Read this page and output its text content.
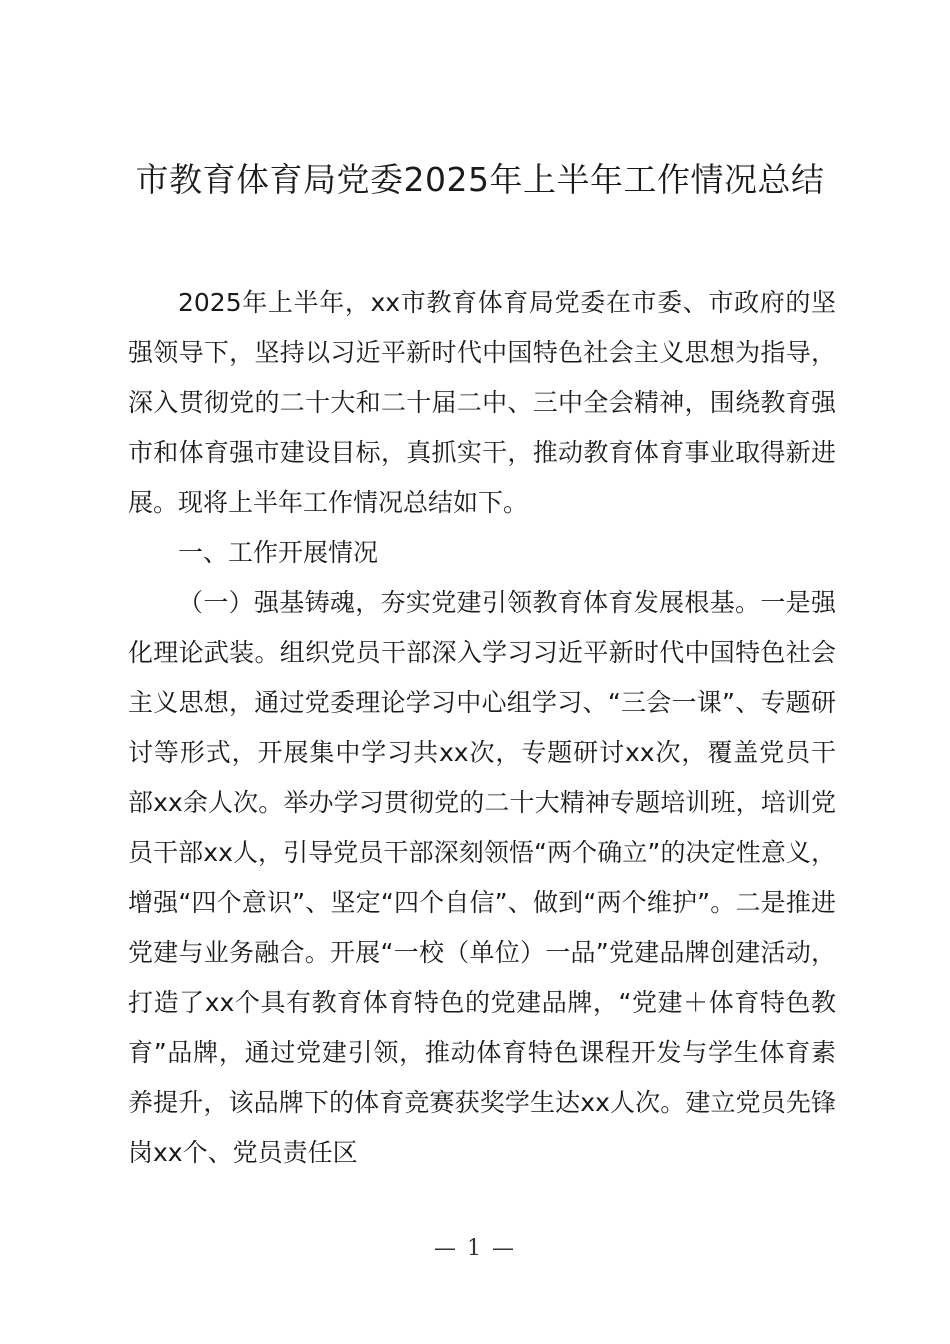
市教育体育局党委2025年上半年工作情况总结

2025年上半年，xx市教育体育局党委在市委、市政府的坚强领导下，坚持以习近平新时代中国特色社会主义思想为指导，深入贯彻党的二十大和二十届二中、三中全会精神，围绕教育强市和体育强市建设目标，真抓实干，推动教育体育事业取得新进展。现将上半年工作情况总结如下。

一、工作开展情况

（一）强基铸魂，夯实党建引领教育体育发展根基。一是强化理论武装。组织党员干部深入学习习近平新时代中国特色社会主义思想，通过党委理论学习中心组学习、“三会一课”、专题研讨等形式，开展集中学习共xx次，专题研讨xx次，覆盖党员干部xx余人次。举办学习贯彻党的二十大精神专题培训班，培训党员干部xx人，引导党员干部深刻领悟“两个确立”的决定性意义，增强“四个意识”、坚定“四个自信”、做到“两个维护”。二是推进党建与业务融合。开展“一校（单位）一品”党建品牌创建活动，打造了xx个具有教育体育特色的党建品牌，“党建＋体育特色教育”品牌，通过党建引领，推动体育特色课程开发与学生体育素养提升，该品牌下的体育竞赛获奖学生达xx人次。建立党员先锋岗xx个、党员责任区

— 1 —
